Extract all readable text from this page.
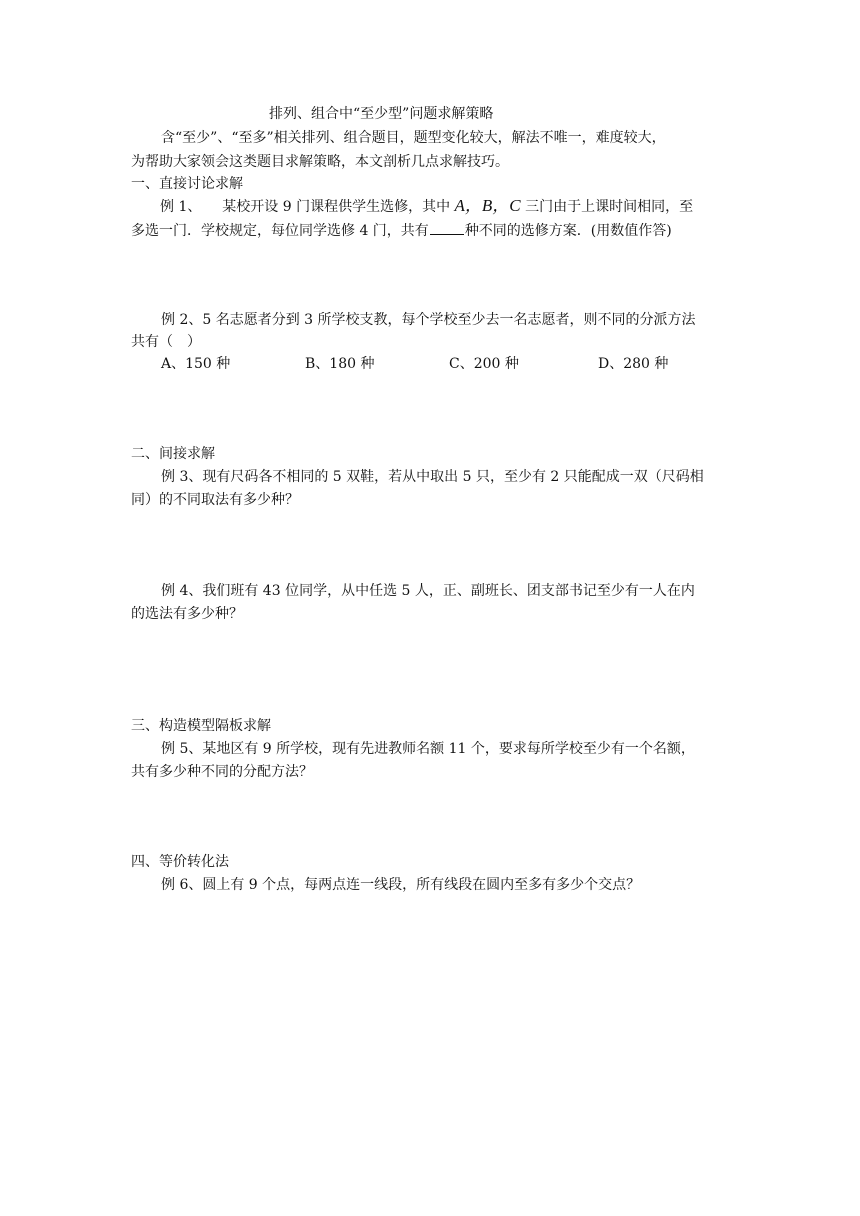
排列、组合中“至少型”问题求解策略
含“至少”、“至多”相关排列、组合题目，题型变化较大，解法不唯一，难度较大，
为帮助大家领会这类题目求解策略，本文剖析几点求解技巧。
一、直接讨论求解
例 1、 某校开设 9 门课程供学生选修，其中 A，B，C 三门由于上课时间相同，至
多选一门．学校规定，每位同学选修 4 门，共有	种不同的选修方案．(用数值作答)
例 2、5 名志愿者分到 3 所学校支教，每个学校至少去一名志愿者，则不同的分派方法
共有（　）
A、150 种	B、180 种	C、200 种	D、280 种
二、间接求解
例 3、现有尺码各不相同的 5 双鞋，若从中取出 5 只，至少有 2 只能配成一双（尺码相
同）的不同取法有多少种？
例 4、我们班有 43 位同学，从中任选 5 人，正、副班长、团支部书记至少有一人在内
的选法有多少种？
三、构造模型隔板求解
例 5、某地区有 9 所学校，现有先进教师名额 11 个，要求每所学校至少有一个名额，
共有多少种不同的分配方法？
四、等价转化法
例 6、圆上有 9 个点，每两点连一线段，所有线段在圆内至多有多少个交点？
